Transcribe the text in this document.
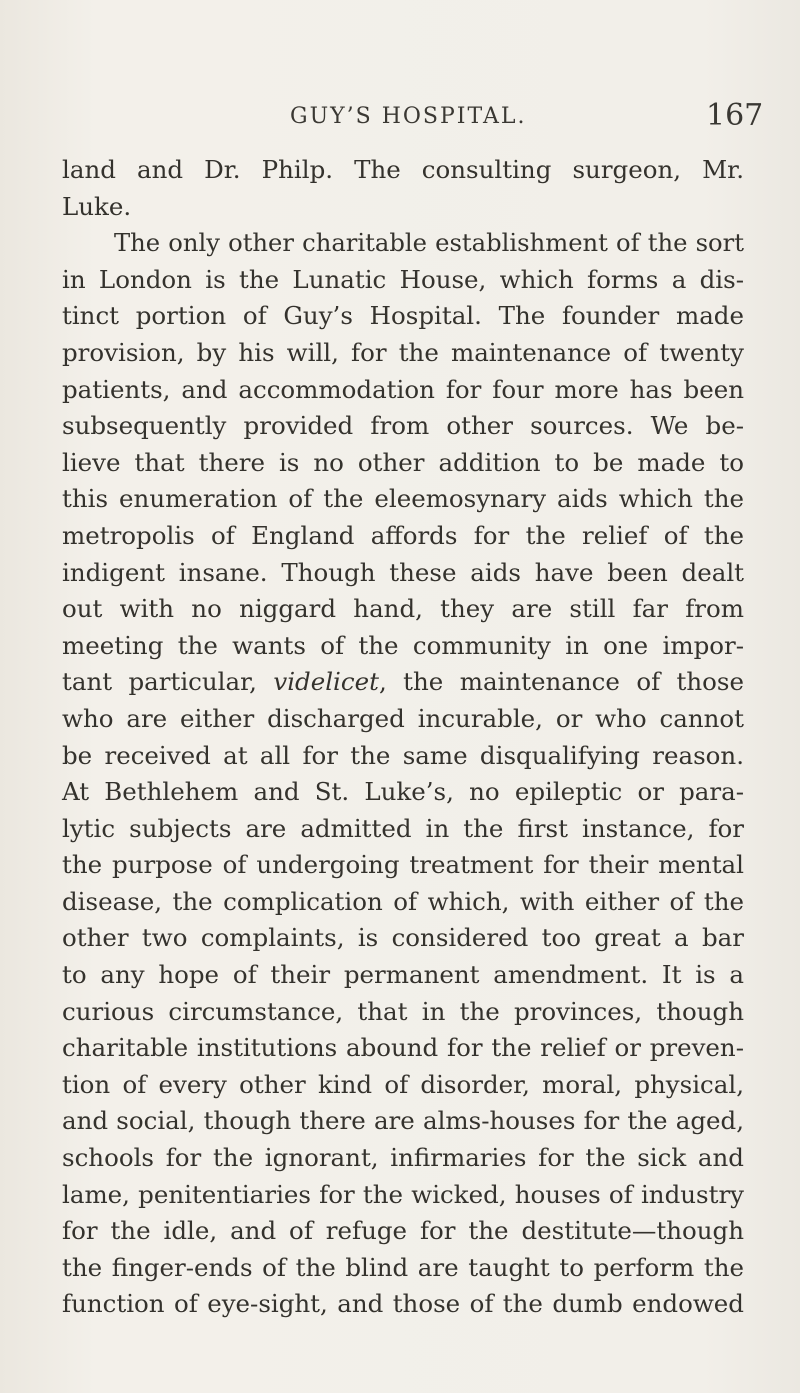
GUY’S HOSPITAL.	167
land and Dr. Philp. The consulting surgeon, Mr.
Luke.
The only other charitable establishment of the sort
in London is the Lunatic House, which forms a dis-
tinct portion of Guy’s Hospital. The founder made
provision, by his will, for the maintenance of twenty
patients, and accommodation for four more has been
subsequently provided from other sources. We be-
lieve that there is no other addition to be made to
this enumeration of the eleemosynary aids which the
metropolis of England affords for the relief of the
indigent insane. Though these aids have been dealt
out with no niggard hand, they are still far from
meeting the wants of the community in one impor-
tant particular, videlicet, the maintenance of those
who are either discharged incurable, or who cannot
be received at all for the same disqualifying reason.
At Bethlehem and St. Luke’s, no epileptic or para-
lytic subjects are admitted in the first instance, for
the purpose of undergoing treatment for their mental
disease, the complication of which, with either of the
other two complaints, is considered too great a bar
to any hope of their permanent amendment. It is a
curious circumstance, that in the provinces, though
charitable institutions abound for the relief or preven-
tion of every other kind of disorder, moral, physical,
and social, though there are alms-houses for the aged,
schools for the ignorant, infirmaries for the sick and
lame, penitentiaries for the wicked, houses of industry
for the idle, and of refuge for the destitute—though
the finger-ends of the blind are taught to perform the
function of eye-sight, and those of the dumb endowed
